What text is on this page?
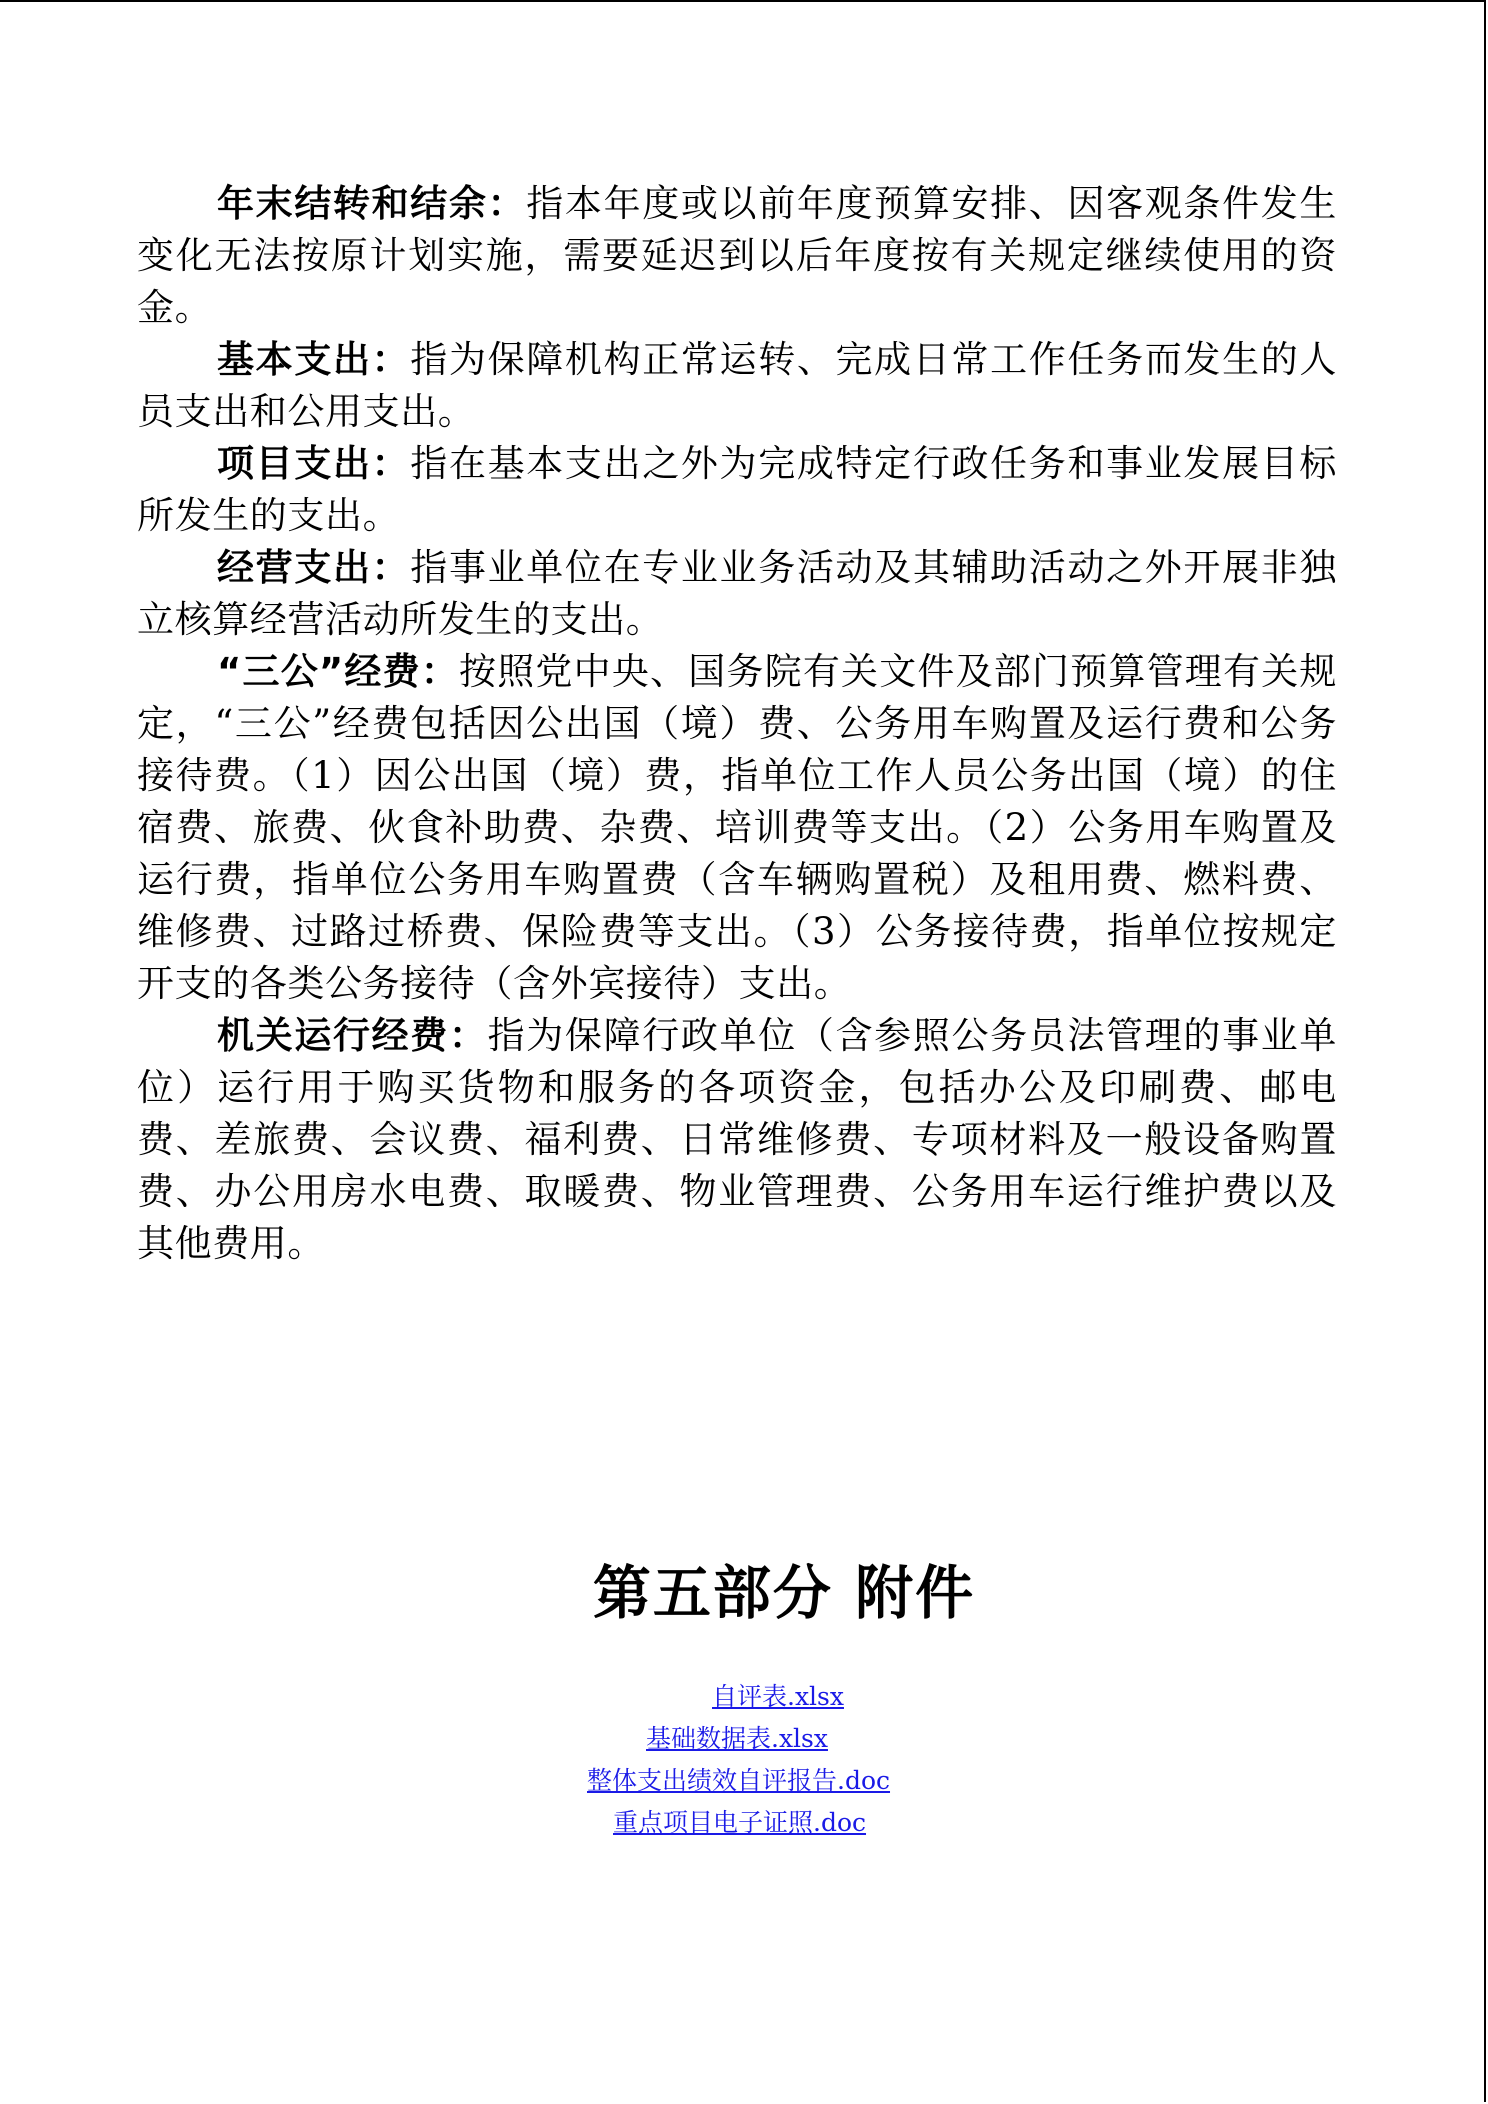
年末结转和结余：指本年度或以前年度预算安排、因客观条件发生变化无法按原计划实施，需要延迟到以后年度按有关规定继续使用的资金。

基本支出：指为保障机构正常运转、完成日常工作任务而发生的人员支出和公用支出。

项目支出：指在基本支出之外为完成特定行政任务和事业发展目标所发生的支出。

经营支出：指事业单位在专业业务活动及其辅助活动之外开展非独立核算经营活动所发生的支出。

“三公”经费：按照党中央、国务院有关文件及部门预算管理有关规定，“三公”经费包括因公出国（境）费、公务用车购置及运行费和公务接待费。（1）因公出国（境）费，指单位工作人员公务出国（境）的住宿费、旅费、伙食补助费、杂费、培训费等支出。（2）公务用车购置及运行费，指单位公务用车购置费（含车辆购置税）及租用费、燃料费、维修费、过路过桥费、保险费等支出。（3）公务接待费，指单位按规定开支的各类公务接待（含外宾接待）支出。

机关运行经费：指为保障行政单位（含参照公务员法管理的事业单位）运行用于购买货物和服务的各项资金，包括办公及印刷费、邮电费、差旅费、会议费、福利费、日常维修费、专项材料及一般设备购置费、办公用房水电费、取暖费、物业管理费、公务用车运行维护费以及其他费用。

第五部分 附件
自评表.xlsx
基础数据表.xlsx
整体支出绩效自评报告.doc
重点项目电子证照.doc
